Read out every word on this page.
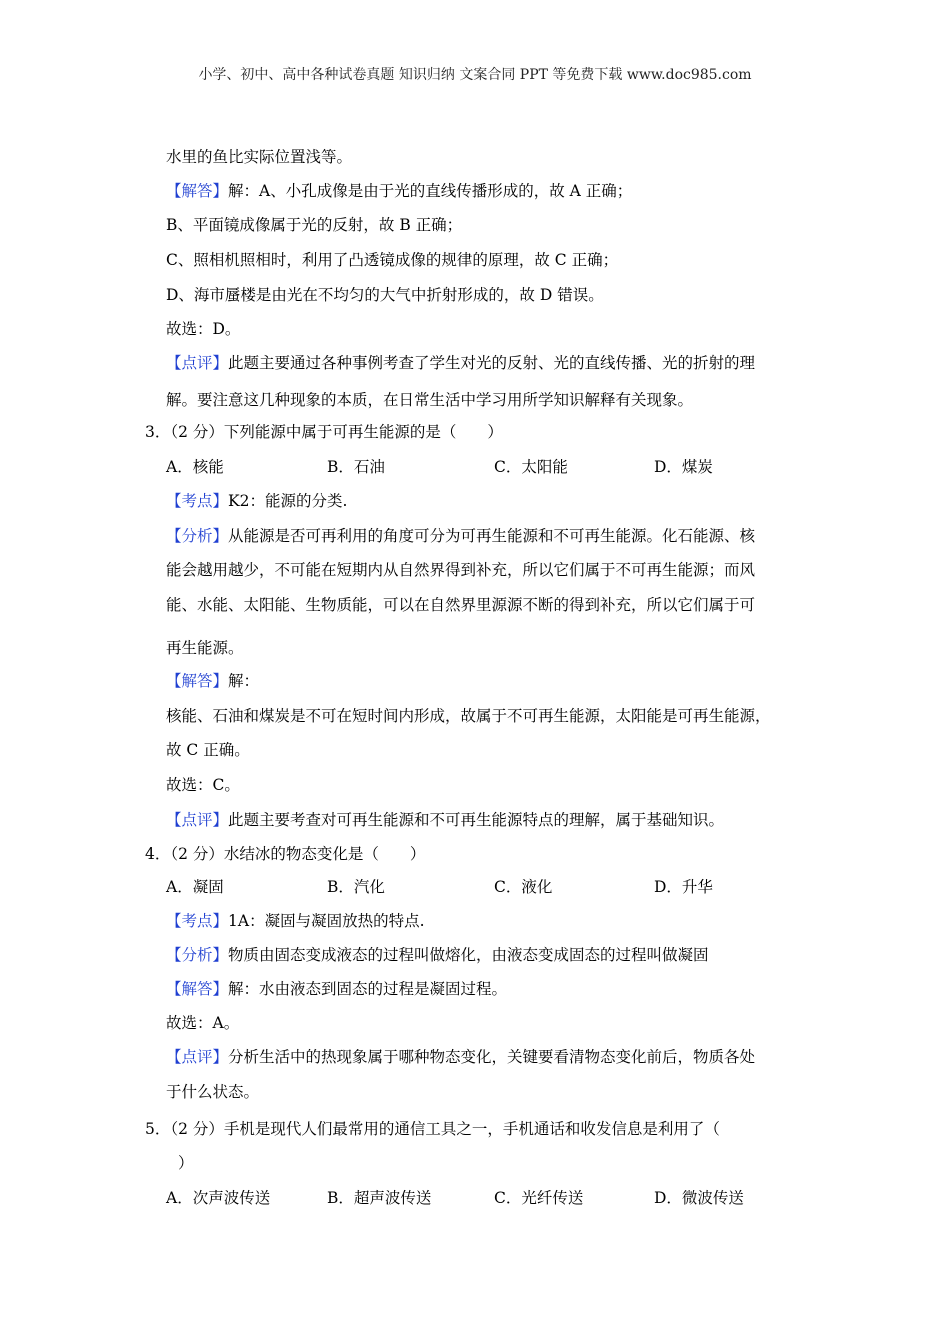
小学、初中、高中各种试卷真题 知识归纳 文案合同 PPT 等免费下载 www.doc985.com
水里的鱼比实际位置浅等。
【解答】解：A、小孔成像是由于光的直线传播形成的，故 A 正确；
B、平面镜成像属于光的反射，故 B 正确；
C、照相机照相时，利用了凸透镜成像的规律的原理，故 C 正确；
D、海市蜃楼是由光在不均匀的大气中折射形成的，故 D 错误。
故选：D。
【点评】此题主要通过各种事例考查了学生对光的反射、光的直线传播、光的折射的理
解。要注意这几种现象的本质，在日常生活中学习用所学知识解释有关现象。
3．（2 分）下列能源中属于可再生能源的是（　　）
A．核能	B．石油	C．太阳能	D．煤炭
【考点】K2：能源的分类.
【分析】从能源是否可再利用的角度可分为可再生能源和不可再生能源。化石能源、核
能会越用越少，不可能在短期内从自然界得到补充，所以它们属于不可再生能源；而风
能、水能、太阳能、生物质能，可以在自然界里源源不断的得到补充，所以它们属于可
再生能源。
【解答】解：
核能、石油和煤炭是不可在短时间内形成，故属于不可再生能源，太阳能是可再生能源，
故 C 正确。
故选：C。
【点评】此题主要考查对可再生能源和不可再生能源特点的理解，属于基础知识。
4．（2 分）水结冰的物态变化是（　　）
A．凝固	B．汽化	C．液化	D．升华
【考点】1A：凝固与凝固放热的特点.
【分析】物质由固态变成液态的过程叫做熔化，由液态变成固态的过程叫做凝固
【解答】解：水由液态到固态的过程是凝固过程。
故选：A。
【点评】分析生活中的热现象属于哪种物态变化，关键要看清物态变化前后，物质各处
于什么状态。
5．（2 分）手机是现代人们最常用的通信工具之一，手机通话和收发信息是利用了（
）
A．次声波传送	B．超声波传送	C．光纤传送	D．微波传送
